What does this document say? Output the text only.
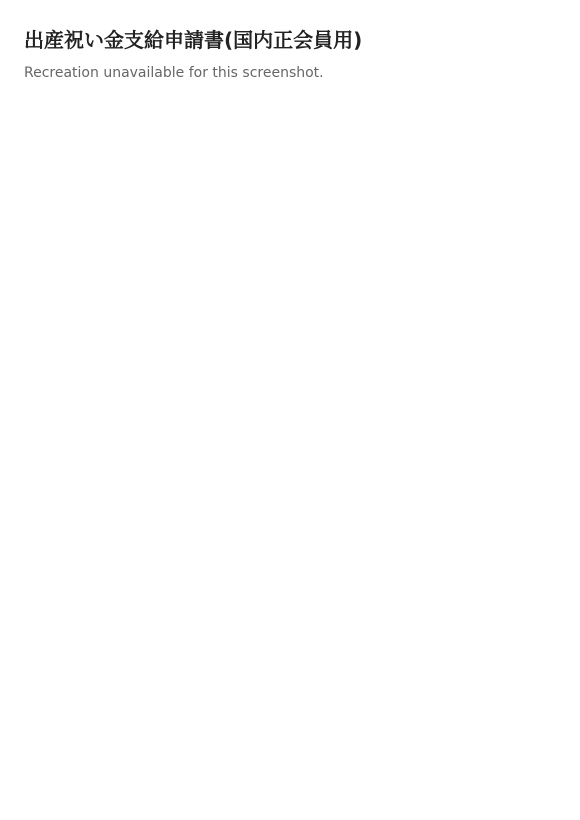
出産祝い金支給申請書(国内正会員用)

Recreation unavailable for this screenshot.
